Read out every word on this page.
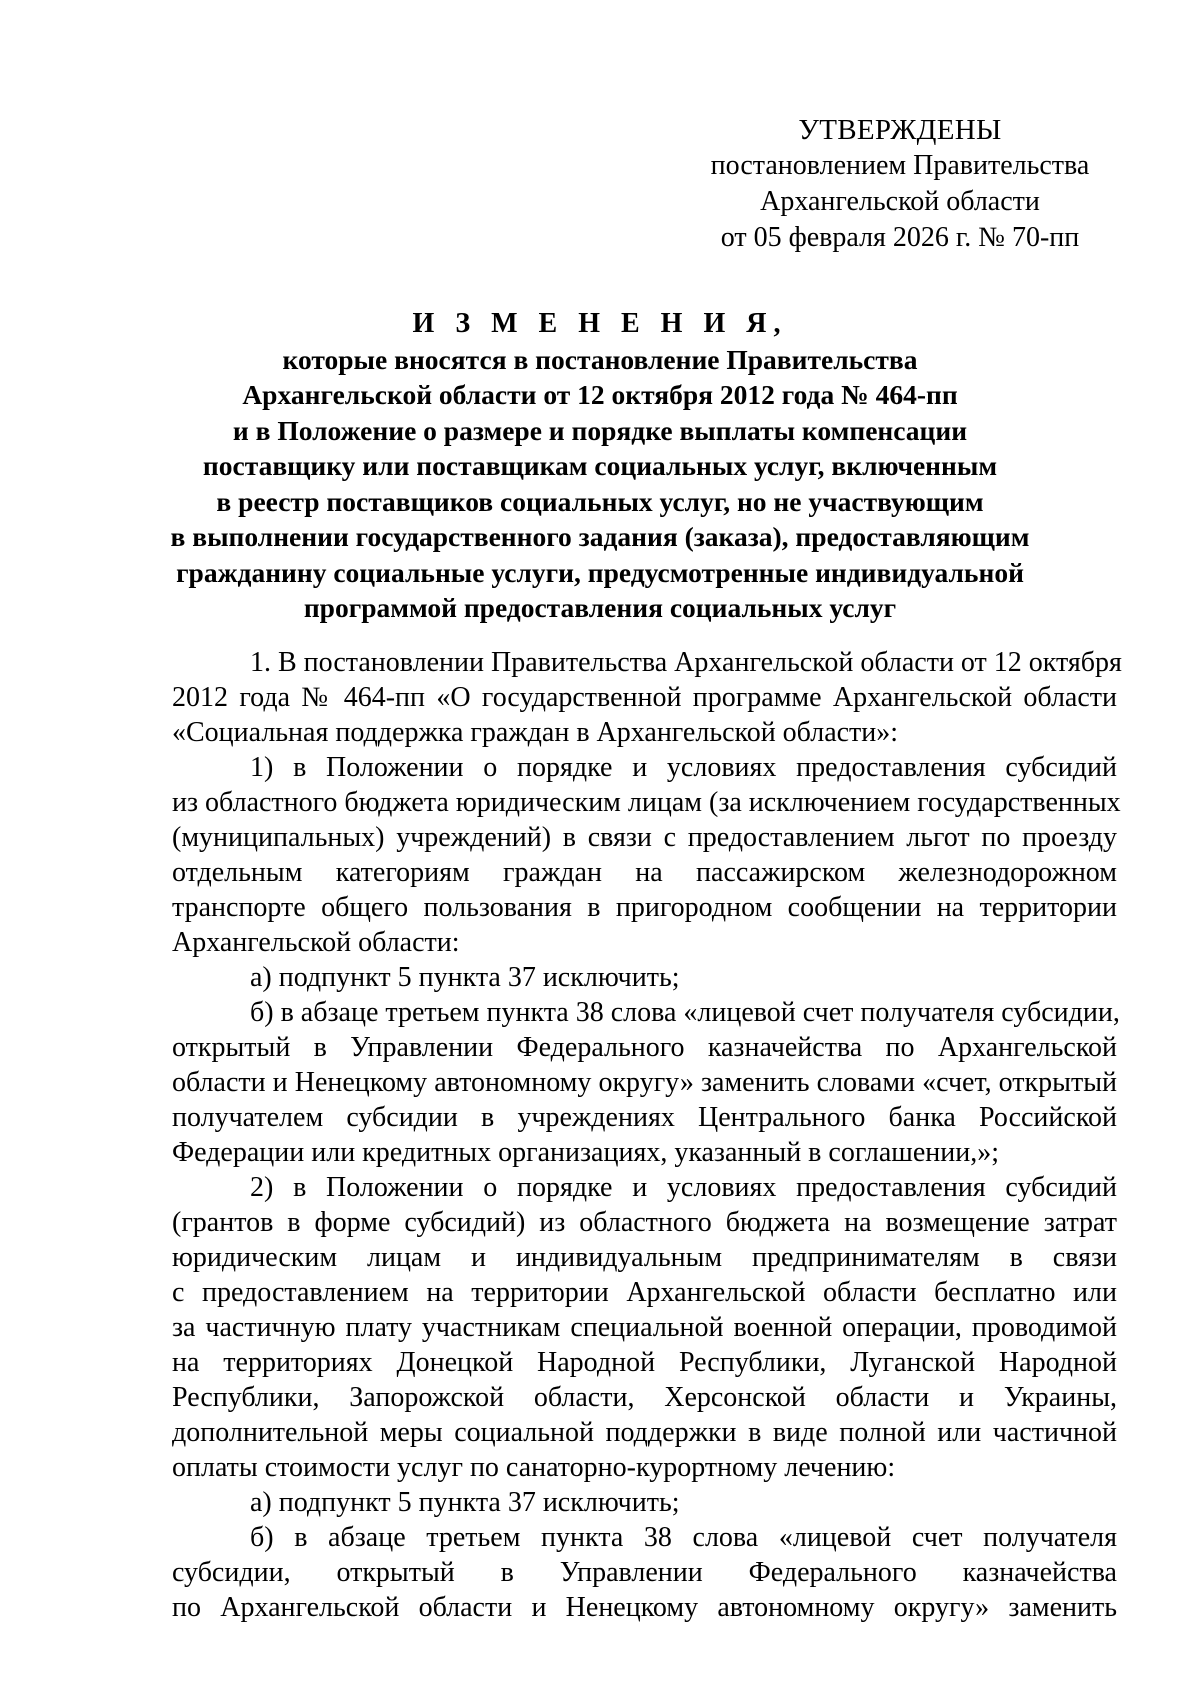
УТВЕРЖДЕНЫ
постановлением Правительства
Архангельской области
от 05 февраля 2026 г. № 70-пп
И З М Е Н Е Н И Я,
которые вносятся в постановление Правительства
Архангельской области от 12 октября 2012 года № 464-пп
и в Положение о размере и порядке выплаты компенсации
поставщику или поставщикам социальных услуг, включенным
в реестр поставщиков социальных услуг, но не участвующим
в выполнении государственного задания (заказа), предоставляющим
гражданину социальные услуги, предусмотренные индивидуальной
программой предоставления социальных услуг
1. В постановлении Правительства Архангельской области от 12 октября
2012 года № 464-пп «О государственной программе Архангельской области
«Социальная поддержка граждан в Архангельской области»:
1) в Положении о порядке и условиях предоставления субсидий
из областного бюджета юридическим лицам (за исключением государственных
(муниципальных) учреждений) в связи с предоставлением льгот по проезду
отдельным категориям граждан на пассажирском железнодорожном
транспорте общего пользования в пригородном сообщении на территории
Архангельской области:
а) подпункт 5 пункта 37 исключить;
б) в абзаце третьем пункта 38 слова «лицевой счет получателя субсидии,
открытый в Управлении Федерального казначейства по Архангельской
области и Ненецкому автономному округу» заменить словами «счет, открытый
получателем субсидии в учреждениях Центрального банка Российской
Федерации или кредитных организациях, указанный в соглашении,»;
2) в Положении о порядке и условиях предоставления субсидий
(грантов в форме субсидий) из областного бюджета на возмещение затрат
юридическим лицам и индивидуальным предпринимателям в связи
с предоставлением на территории Архангельской области бесплатно или
за частичную плату участникам специальной военной операции, проводимой
на территориях Донецкой Народной Республики, Луганской Народной
Республики, Запорожской области, Херсонской области и Украины,
дополнительной меры социальной поддержки в виде полной или частичной
оплаты стоимости услуг по санаторно-курортному лечению:
а) подпункт 5 пункта 37 исключить;
б) в абзаце третьем пункта 38 слова «лицевой счет получателя
субсидии, открытый в Управлении Федерального казначейства
по Архангельской области и Ненецкому автономному округу» заменить
